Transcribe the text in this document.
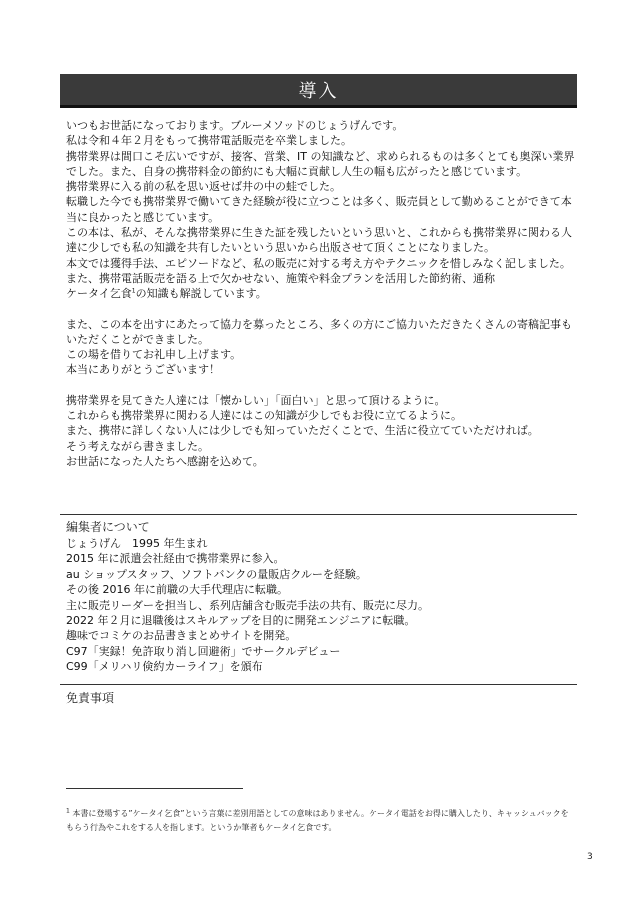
導入

いつもお世話になっております。ブルーメソッドのじょうげんです。

私は令和４年２月をもって携帯電話販売を卒業しました。

携帯業界は間口こそ広いですが、接客、営業、IT の知識など、求められるものは多くとても奥深い業界でした。また、自身の携帯料金の節約にも大幅に貢献し人生の幅も広がったと感じています。

携帯業界に入る前の私を思い返せば井の中の蛙でした。

転職した今でも携帯業界で働いてきた経験が役に立つことは多く、販売員として勤めることができて本当に良かったと感じています。

この本は、私が、そんな携帯業界に生きた証を残したいという思いと、これからも携帯業界に関わる人達に少しでも私の知識を共有したいという思いから出版させて頂くことになりました。

本文では獲得手法、エピソードなど、私の販売に対する考え方やテクニックを惜しみなく記しました。

また、携帯電話販売を語る上で欠かせない、施策や料金プランを活用した節約術、通称

ケータイ乞食$^1$の知識も解説しています。

また、この本を出すにあたって協力を募ったところ、多くの方にご協力いただきたくさんの寄稿記事もいただくことができました。

この場を借りてお礼申し上げます。

本当にありがとうございます！

携帯業界を見てきた人達には「懐かしい」「面白い」と思って頂けるように。

これからも携帯業界に関わる人達にはこの知識が少しでもお役に立てるように。

また、携帯に詳しくない人には少しでも知っていただくことで、生活に役立てていただければ。

そう考えながら書きました。

お世話になった人たちへ感謝を込めて。

編集者について

じょうげん　1995 年生まれ

2015 年に派遣会社経由で携帯業界に参入。

au ショップスタッフ、ソフトバンクの量販店クルーを経験。

その後 2016 年に前職の大手代理店に転職。

主に販売リーダーを担当し、系列店舗含む販売手法の共有、販売に尽力。

2022 年２月に退職後はスキルアップを目的に開発エンジニアに転職。

趣味でコミケのお品書きまとめサイトを開発。

C97「実録！免許取り消し回避術」でサークルデビュー

C99「メリハリ倹約カーライフ」を頒布

免責事項
$^1$ 本書に登場する”ケータイ乞食”という言葉に差別用語としての意味はありません。ケータイ電話をお得に購入したり、キャッシュバックをもらう行為やこれをする人を指します。というか筆者もケータイ乞食です。
3
